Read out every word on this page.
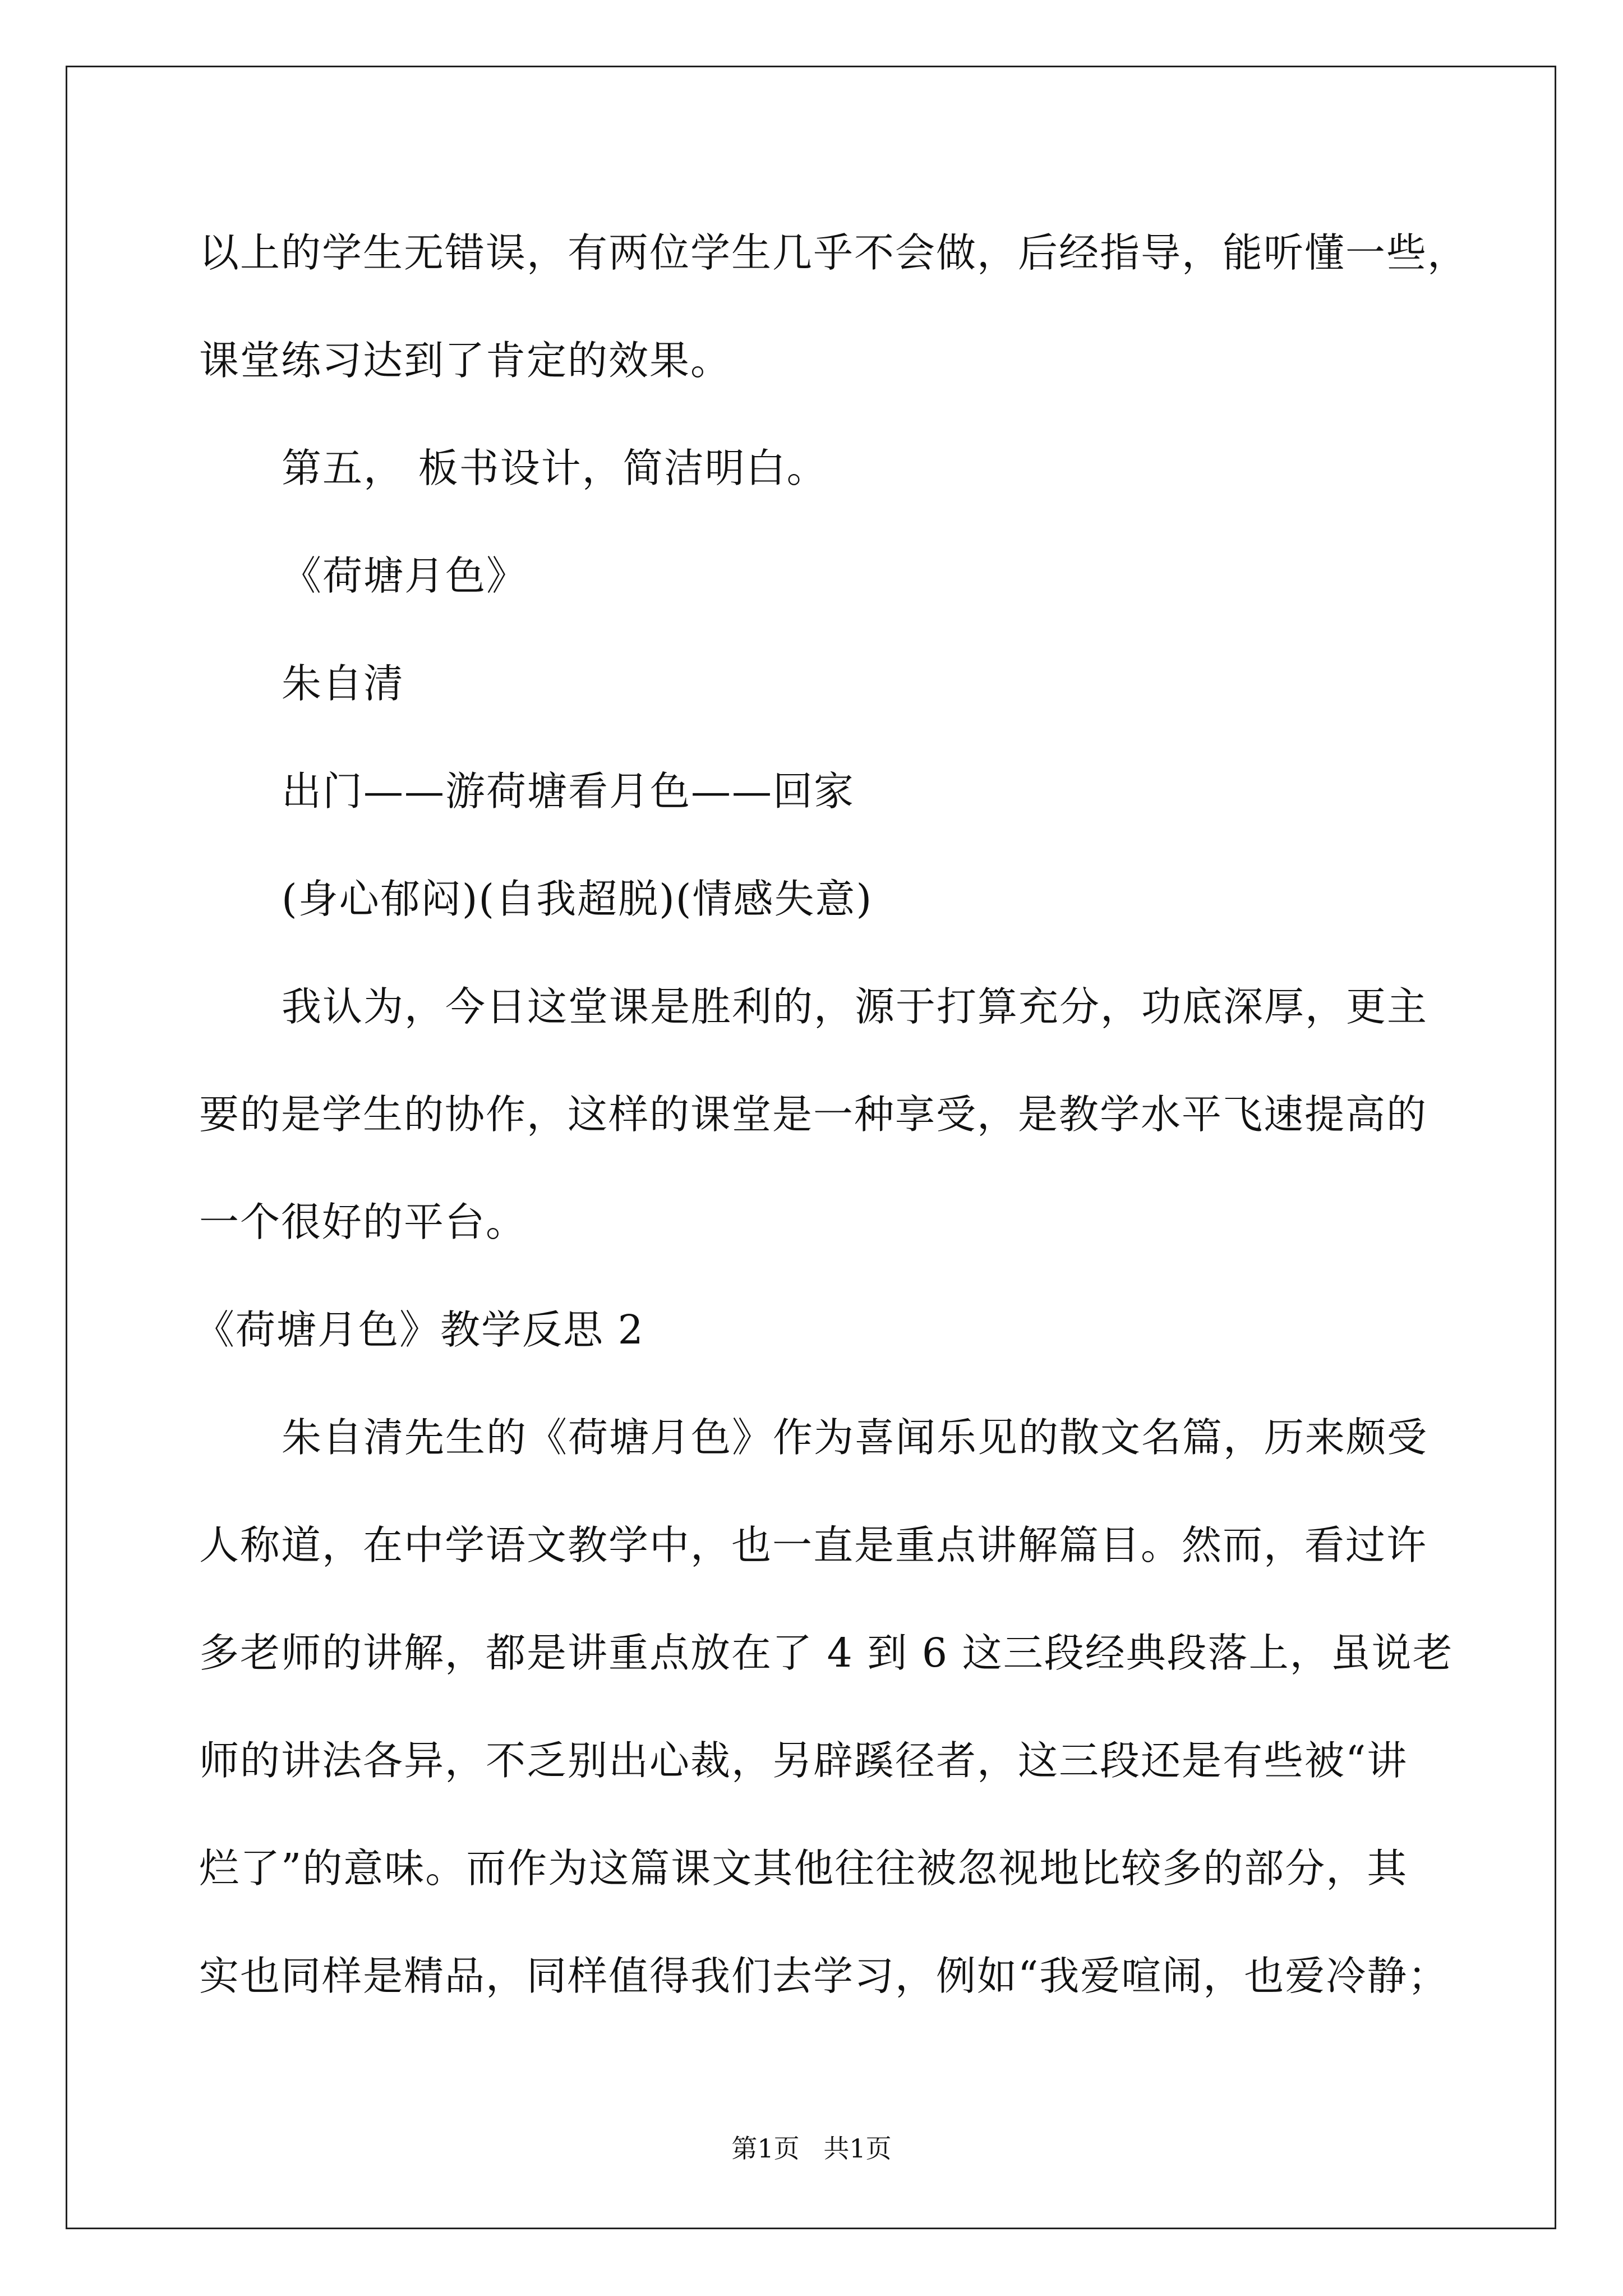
以上的学生无错误，有两位学生几乎不会做，后经指导，能听懂一些，
课堂练习达到了肯定的效果。
第五， 板书设计，简洁明白。
《荷塘月色》
朱自清
出门——游荷塘看月色——回家
(身心郁闷)(自我超脱)(情感失意)
我认为，今日这堂课是胜利的，源于打算充分，功底深厚，更主
要的是学生的协作，这样的课堂是一种享受，是教学水平飞速提高的
一个很好的平台。
《荷塘月色》教学反思 2
朱自清先生的《荷塘月色》作为喜闻乐见的散文名篇，历来颇受
人称道，在中学语文教学中，也一直是重点讲解篇目。然而，看过许
多老师的讲解，都是讲重点放在了 4 到 6 这三段经典段落上，虽说老
师的讲法各异，不乏别出心裁，另辟蹊径者，这三段还是有些被“讲
烂了”的意味。而作为这篇课文其他往往被忽视地比较多的部分，其
实也同样是精品，同样值得我们去学习，例如“我爱喧闹，也爱冷静；
第1页 共1页
